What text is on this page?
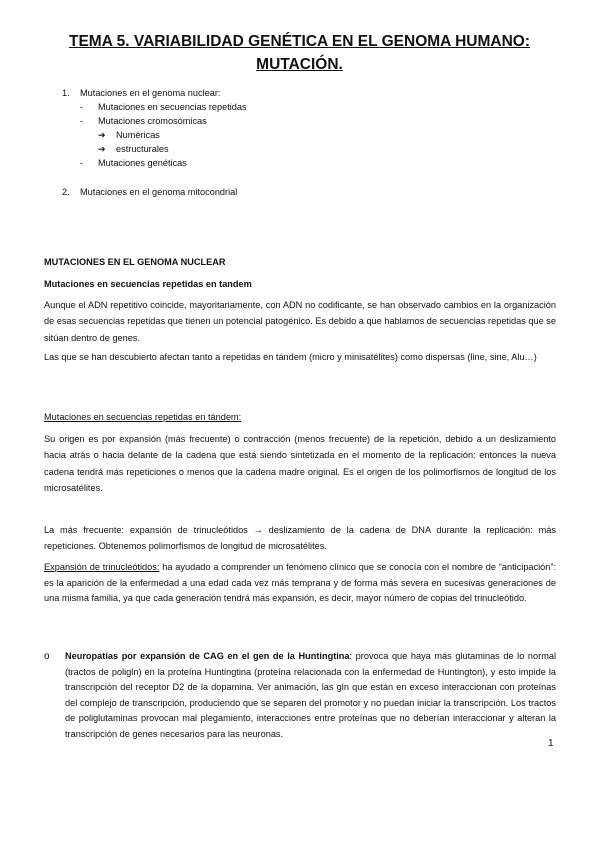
TEMA 5. VARIABILIDAD GENÉTICA EN EL GENOMA HUMANO:
MUTACIÓN.
1. Mutaciones en el genoma nuclear:
- Mutaciones en secuencias repetidas
- Mutaciones cromosómicas
➔ Numéricas
➔ estructurales
- Mutaciones genéticas
2. Mutaciones en el genoma mitocondrial
MUTACIONES EN EL GENOMA NUCLEAR
Mutaciones en secuencias repetidas en tandem

Aunque el ADN repetitivo coincide, mayoritariamente, con ADN no codificante, se han observado cambios en la organización de esas secuencias repetidas que tienen un potencial patogénico. Es debido a que hablamos de secuencias repetidas que se sitúan dentro de genes.

Las que se han descubierto afectan tanto a repetidas en tándem (micro y minisatélites) como dispersas (line, sine, Alu…)

Mutaciones en secuencias repetidas en tándem:

Su origen es por expansión (más frecuente) o contracción (menos frecuente) de la repetición, debido a un deslizamiento hacia atrás o hacia delante de la cadena que está siendo sintetizada en el momento de la replicación: entonces la nueva cadena tendrá más repeticiones o menos que la cadena madre original. Es el origen de los polimorfismos de longitud de los microsatélites.

La más frecuente: expansión de trinucleótidos → deslizamiento de la cadena de DNA durante la replicación: más repeticiones. Obtenemos polimorfismos de longitud de microsatélites.

Expansión de trinucleótidos: ha ayudado a comprender un fenómeno clínico que se conocía con el nombre de “anticipación”: es la aparición de la enfermedad a una edad cada vez más temprana y de forma más severa en sucesivas generaciones de una misma familia, ya que cada generación tendrá más expansión, es decir, mayor número de copias del trinucleótido.

o Neuropatías por expansión de CAG en el gen de la Huntingtina: provoca que haya más glutaminas de lo normal (tractos de poligln) en la proteína Huntingtina (proteína relacionada con la enfermedad de Huntington), y esto impide la transcripción del receptor D2 de la dopamina. Ver animación, las gln que están en exceso interaccionan con proteínas del complejo de transcripción, produciendo que se separen del promotor y no puedan iniciar la transcripción. Los tractos de poliglutaminas provocan mal plegamiento, interacciones entre proteínas que no deberían interaccionar y alteran la transcripción de genes necesarios para las neuronas.

1
